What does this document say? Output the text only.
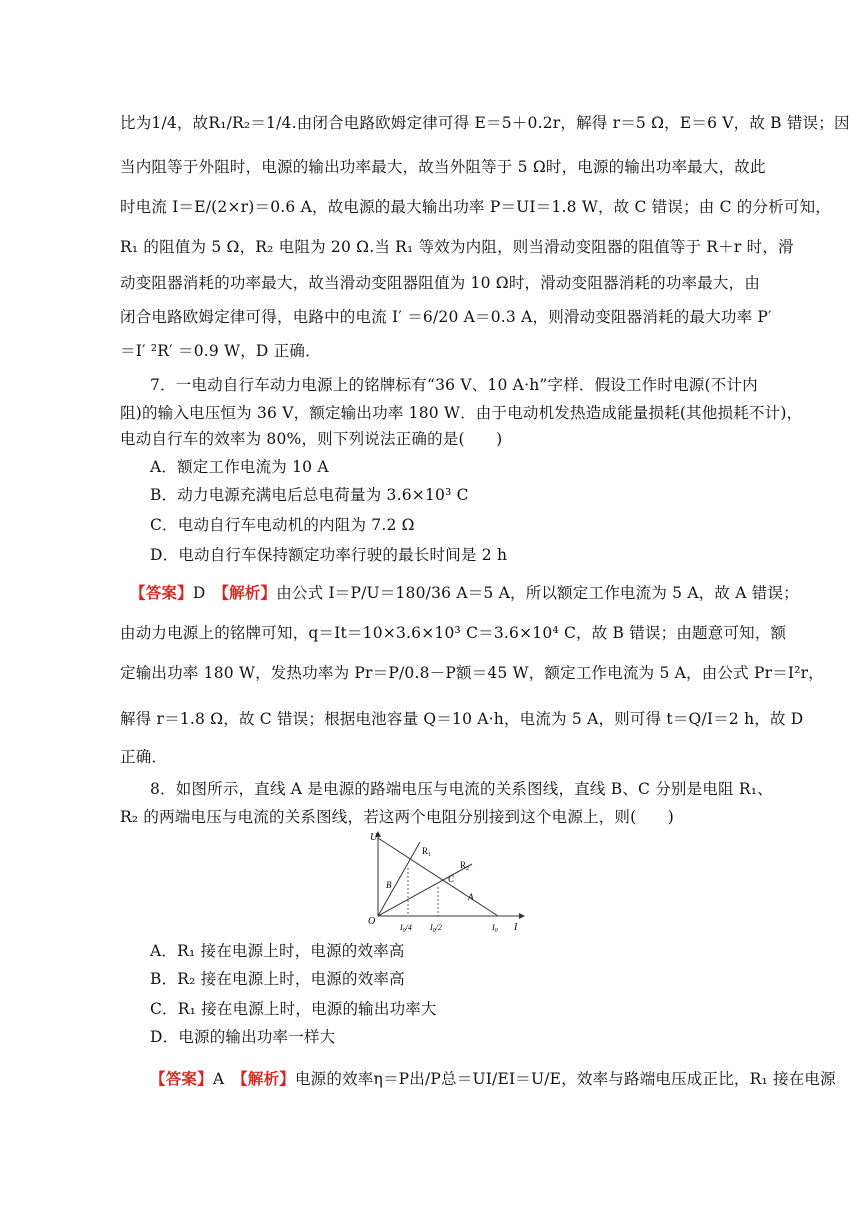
比为1/4，故R₁/R₂＝1/4.由闭合电路欧姆定律可得 E＝5＋0.2r，解得 r＝5 Ω，E＝6 V，故 B 错误；因
当内阻等于外阻时，电源的输出功率最大，故当外阻等于 5 Ω时，电源的输出功率最大，故此
时电流 I＝E/(2×r)＝0.6 A，故电源的最大输出功率 P＝UI＝1.8 W，故 C 错误；由 C 的分析可知，
R₁ 的阻值为 5 Ω，R₂ 电阻为 20 Ω.当 R₁ 等效为内阻，则当滑动变阻器的阻值等于 R＋r 时，滑
动变阻器消耗的功率最大，故当滑动变阻器阻值为 10 Ω时，滑动变阻器消耗的功率最大，由
闭合电路欧姆定律可得，电路中的电流 I′ ＝6/20 A＝0.3 A，则滑动变阻器消耗的最大功率 P′
＝I′ ²R′ ＝0.9 W，D 正确．
7．一电动自行车动力电源上的铭牌标有“36 V、10 A·h”字样．假设工作时电源(不计内
阻)的输入电压恒为 36 V，额定输出功率 180 W．由于电动机发热造成能量损耗(其他损耗不计)，
电动自行车的效率为 80%，则下列说法正确的是(　　)
A．额定工作电流为 10 A
B．动力电源充满电后总电荷量为 3.6×10³ C
C．电动自行车电动机的内阻为 7.2 Ω
D．电动自行车保持额定功率行驶的最长时间是 2 h
【答案】D　 【解析】由公式 I＝P/U＝180/36 A＝5 A，所以额定工作电流为 5 A，故 A 错误；
由动力电源上的铭牌可知，q＝It＝10×3.6×10³ C＝3.6×10⁴ C，故 B 错误；由题意可知，额
定输出功率 180 W，发热功率为 Pr＝P/0.8－P额＝45 W，额定工作电流为 5 A，由公式 Pr＝I²r，
解得 r＝1.8 Ω，故 C 错误；根据电池容量 Q＝10 A·h，电流为 5 A，则可得 t＝Q/I＝2 h，故 D
正确．
8．如图所示，直线 A 是电源的路端电压与电流的关系图线，直线 B、C 分别是电阻 R₁、
R₂ 的两端电压与电流的关系图线，若这两个电阻分别接到这个电源上，则(　　)
U
I
O
$R_1$
$R_2$
B
C
A
$I_0/4$ $I_0/2$	$I_0$
A．R₁ 接在电源上时，电源的效率高
B．R₂ 接在电源上时，电源的效率高
C．R₁ 接在电源上时，电源的输出功率大
D．电源的输出功率一样大
【答案】A　 【解析】电源的效率η＝P出/P总＝UI/EI＝U/E，效率与路端电压成正比，R₁ 接在电源
